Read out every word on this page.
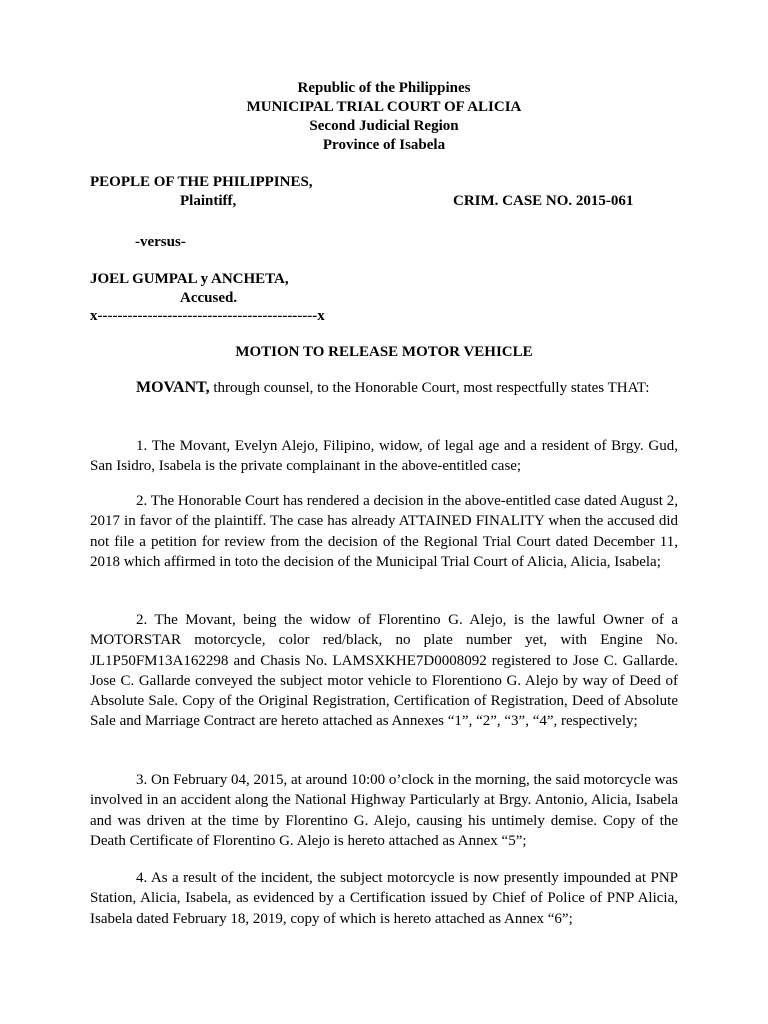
Republic of the Philippines
MUNICIPAL TRIAL COURT OF ALICIA
Second Judicial Region
Province of Isabela
PEOPLE OF THE PHILIPPINES,
Plaintiff,	CRIM. CASE NO. 2015-061
-versus-
JOEL GUMPAL y ANCHETA,
Accused.
x--------------------------------------------x
MOTION TO RELEASE MOTOR VEHICLE
MOVANT, through counsel, to the Honorable Court, most respectfully states THAT:
1. The Movant, Evelyn Alejo, Filipino, widow, of legal age and a resident of Brgy. Gud, San Isidro, Isabela is the private complainant in the above-entitled case;
2. The Honorable Court has rendered a decision in the above-entitled case dated August 2, 2017 in favor of the plaintiff. The case has already ATTAINED FINALITY when the accused did not file a petition for review from the decision of the Regional Trial Court dated December 11, 2018 which affirmed in toto the decision of the Municipal Trial Court of Alicia, Alicia, Isabela;
2. The Movant, being the widow of Florentino G. Alejo, is the lawful Owner of a MOTORSTAR motorcycle, color red/black, no plate number yet, with Engine No. JL1P50FM13A162298 and Chasis No. LAMSXKHE7D0008092 registered to Jose C. Gallarde. Jose C. Gallarde conveyed the subject motor vehicle to Florentiono G. Alejo by way of Deed of Absolute Sale. Copy of the Original Registration, Certification of Registration, Deed of Absolute Sale and Marriage Contract are hereto attached as Annexes “1”, “2”, “3”, “4”, respectively;
3. On February 04, 2015, at around 10:00 o’clock in the morning, the said motorcycle was involved in an accident along the National Highway Particularly at Brgy. Antonio, Alicia, Isabela and was driven at the time by Florentino G. Alejo, causing his untimely demise. Copy of the Death Certificate of Florentino G. Alejo is hereto attached as Annex “5”;
4. As a result of the incident, the subject motorcycle is now presently impounded at PNP Station, Alicia, Isabela, as evidenced by a Certification issued by Chief of Police of PNP Alicia, Isabela dated February 18, 2019, copy of which is hereto attached as Annex “6”;
